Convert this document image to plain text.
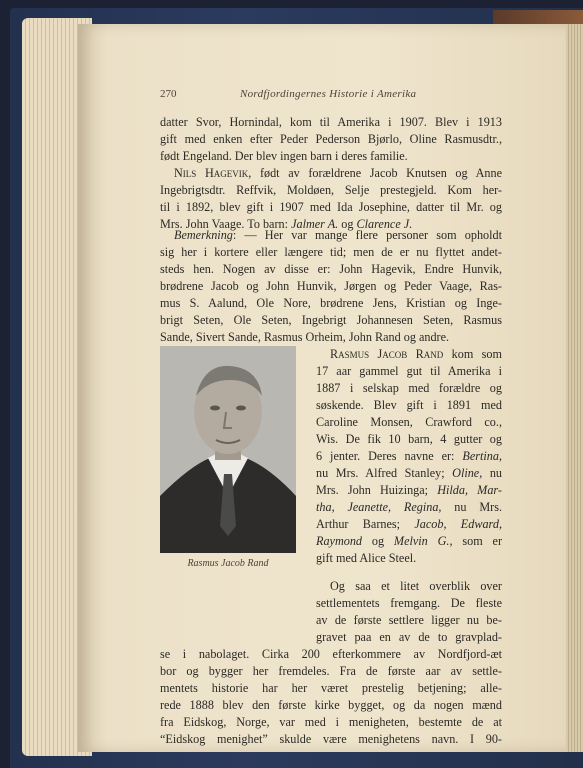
270	Nordfjordingernes Historie i Amerika
datter Svor, Hornindal, kom til Amerika i 1907. Blev i 1913
gift med enken efter Peder Pederson Bjørlo, Oline Rasmusdtr.,
født Engeland. Der blev ingen barn i deres familie.
Nils Hagevik, født av forældrene Jacob Knutsen og Anne
Ingebrigtsdtr. Reffvik, Moldøen, Selje prestegjeld. Kom her-
til i 1892, blev gift i 1907 med Ida Josephine, datter til Mr. og
Mrs. John Vaage. To barn: Jalmer A. og Clarence J.
Bemerkning: — Her var mange flere personer som opholdt
sig her i kortere eller længere tid; men de er nu flyttet andet-
steds hen. Nogen av disse er: John Hagevik, Endre Hunvik,
brødrene Jacob og John Hunvik, Jørgen og Peder Vaage, Ras-
mus S. Aalund, Ole Nore, brødrene Jens, Kristian og Inge-
brigt Seten, Ole Seten, Ingebrigt Johannesen Seten, Rasmus
Rasmus Jacob Rand
Rasmus Jacob Rand kom som
17 aar gammel gut til Amerika i
1887 i selskap med forældre og
søskende. Blev gift i 1891 med
Caroline Monsen, Crawford co.,
Wis. De fik 10 barn, 4 gutter og
6 jenter. Deres navne er: Bertina,
nu Mrs. Alfred Stanley; Oline, nu
Mrs. John Huizinga; Hilda, Mar-
tha, Jeanette, Regina, nu Mrs.
Arthur Barnes; Jacob, Edward,
Raymond og Melvin G., som er
gift med Alice Steel.
Og saa et litet overblik over
settlementets fremgang. De fleste
av de første settlere ligger nu be-
gravet paa en av de to gravplad-
se i nabolaget. Cirka 200 efterkommere av Nordfjord-æt
bor og bygger her fremdeles. Fra de første aar av settle-
mentets historie har her været prestelig betjening; alle-
rede 1888 blev den første kirke bygget, og da nogen mænd
fra Eidskog, Norge, var med i menigheten, bestemte de at
“Eidskog menighet” skulde være menighetens navn. I 90-
Sande, Sivert Sande, Rasmus Orheim, John Rand og andre.
